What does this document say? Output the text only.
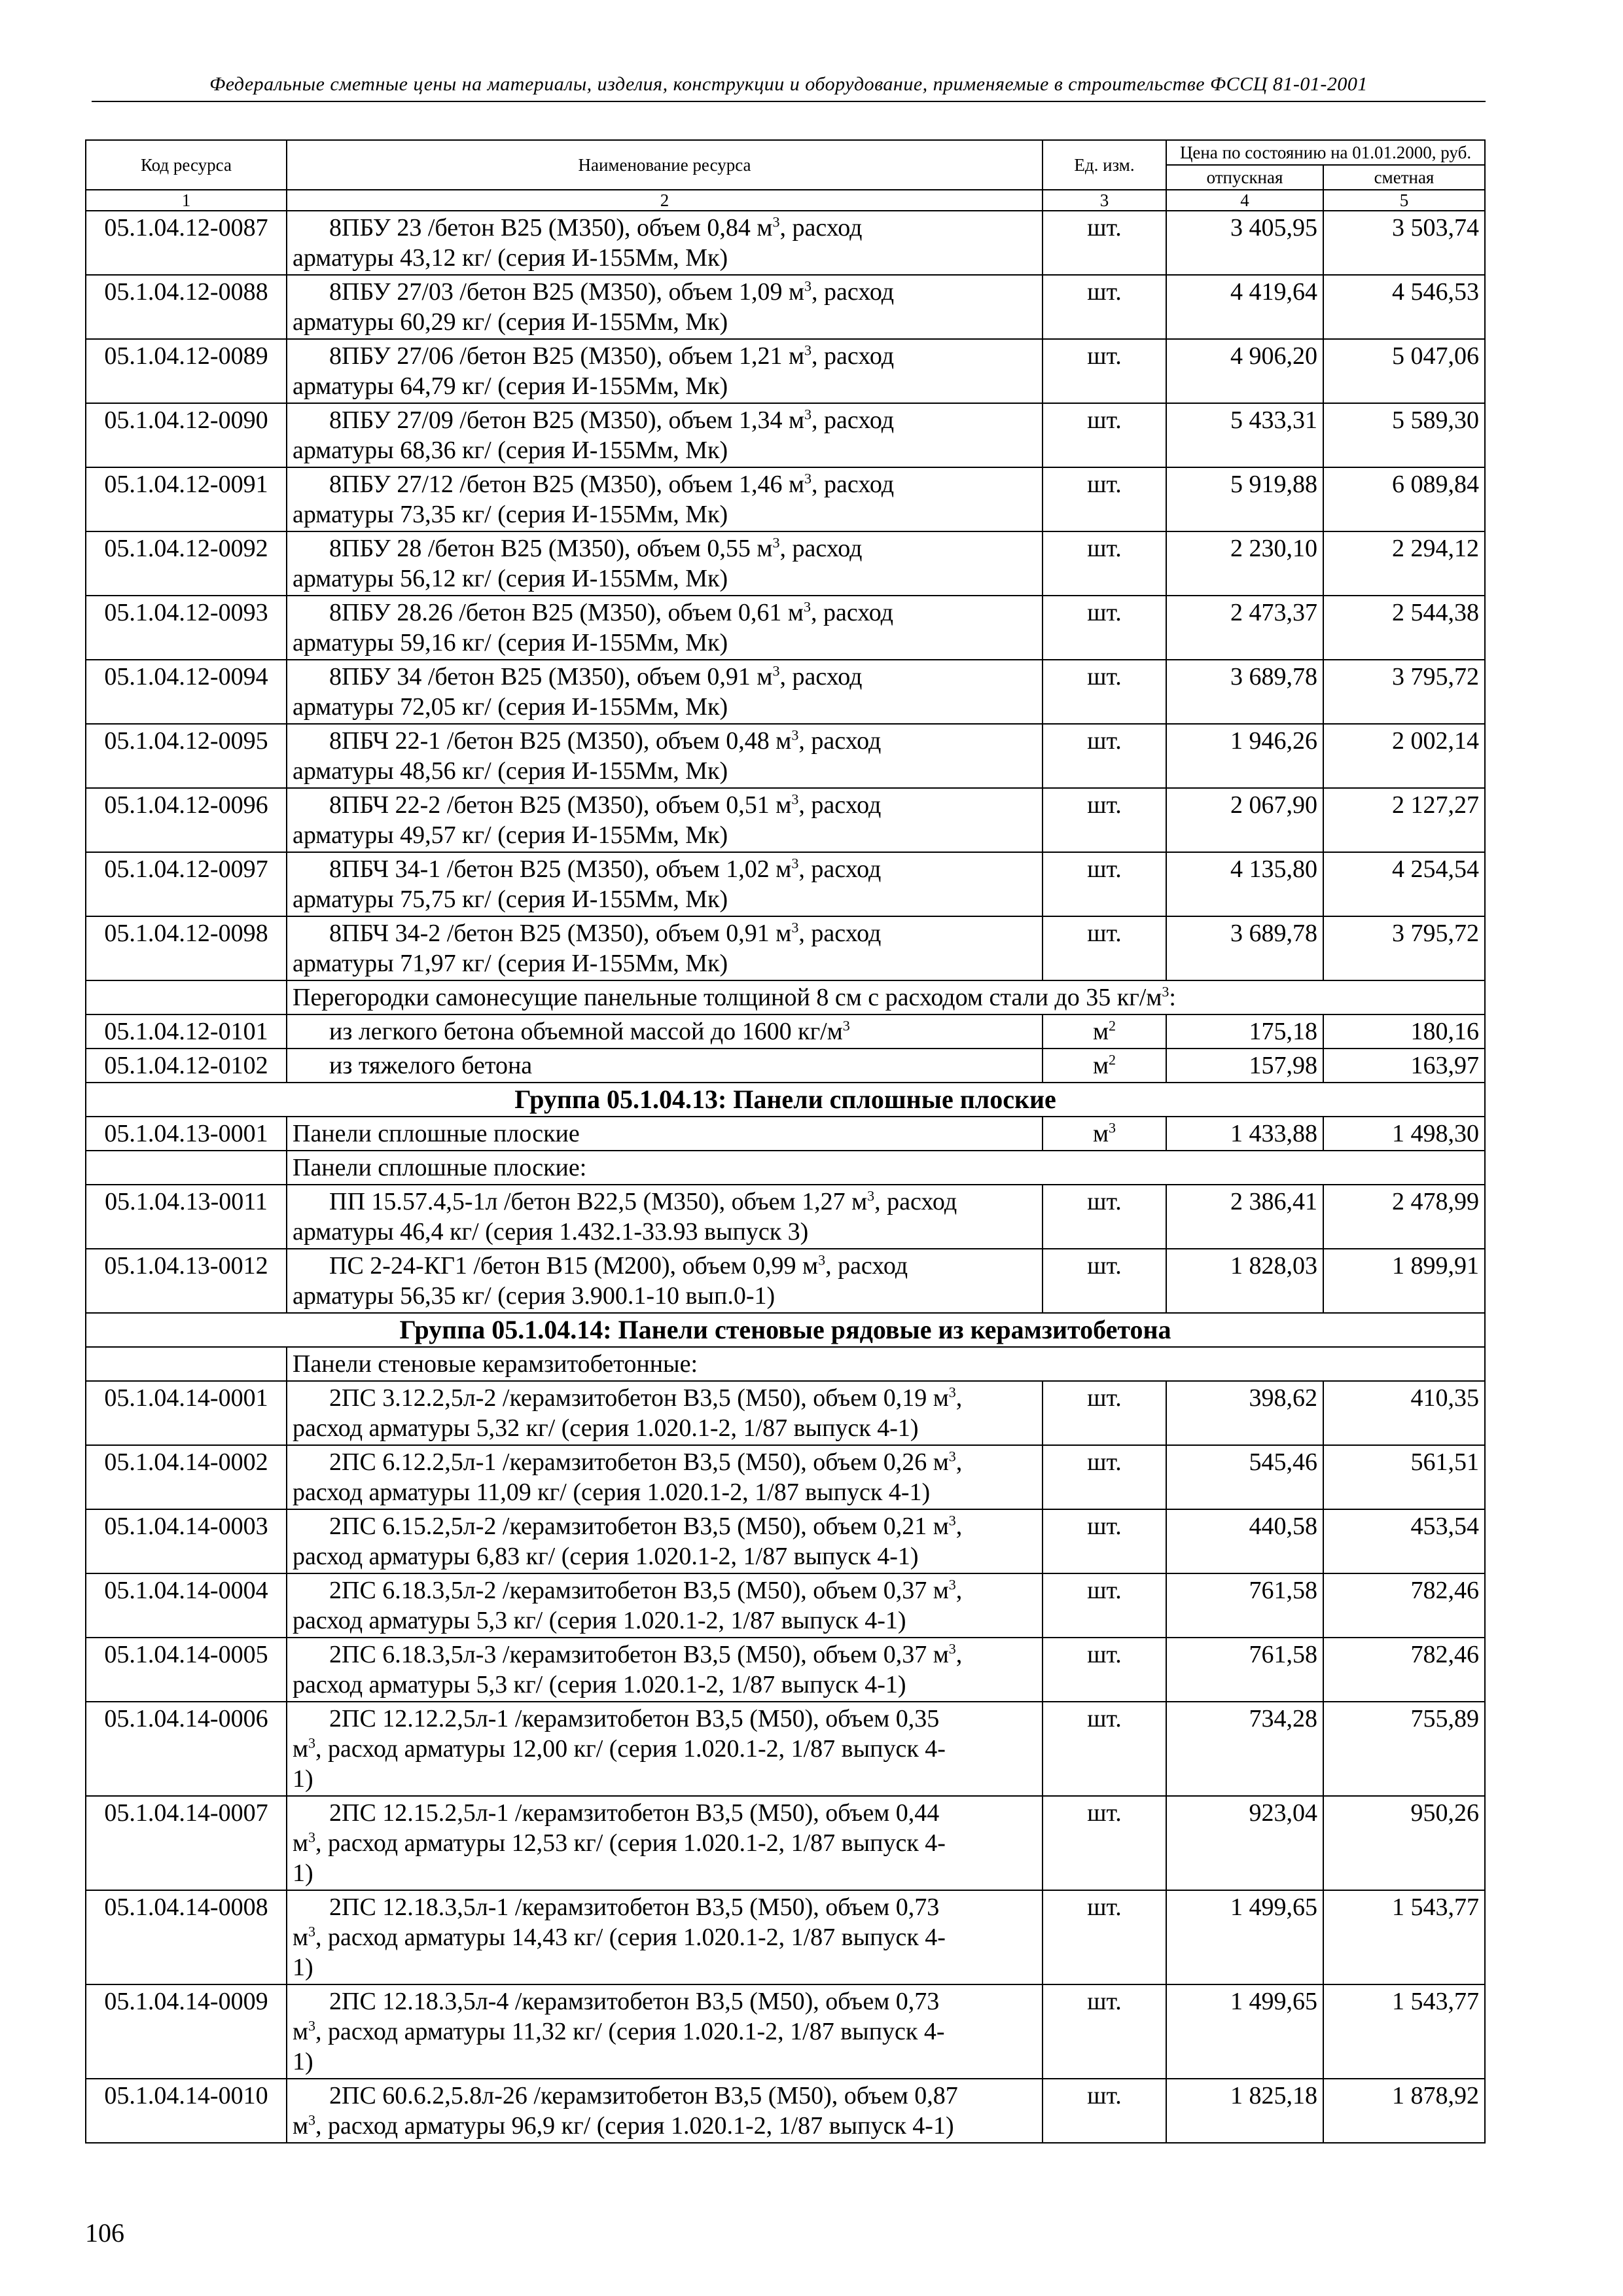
Федеральные сметные цены на материалы, изделия, конструкции и оборудование, применяемые в строительстве ФССЦ 81-01-2001
Код ресурса	Наименование ресурса	Ед. изм.	Цена по состоянию на 01.01.2000, руб.	
			отпускная	сметная
1	2	3	4	5
05.1.04.12-0087	8ПБУ 23 /бетон В25 (М350), объем 0,84 $м^3$, расход
арматуры 43,12 кг/ (серия И-155Мм, Мк)	шт.	3 405,95	3 503,74
05.1.04.12-0088	8ПБУ 27/03 /бетон В25 (М350), объем 1,09 $м^3$, расход
арматуры 60,29 кг/ (серия И-155Мм, Мк)	шт.	4 419,64	4 546,53
05.1.04.12-0089	8ПБУ 27/06 /бетон В25 (М350), объем 1,21 $м^3$, расход
арматуры 64,79 кг/ (серия И-155Мм, Мк)	шт.	4 906,20	5 047,06
05.1.04.12-0090	8ПБУ 27/09 /бетон В25 (М350), объем 1,34 $м^3$, расход
арматуры 68,36 кг/ (серия И-155Мм, Мк)	шт.	5 433,31	5 589,30
05.1.04.12-0091	8ПБУ 27/12 /бетон В25 (М350), объем 1,46 $м^3$, расход
арматуры 73,35 кг/ (серия И-155Мм, Мк)	шт.	5 919,88	6 089,84
05.1.04.12-0092	8ПБУ 28 /бетон В25 (М350), объем 0,55 $м^3$, расход
арматуры 56,12 кг/ (серия И-155Мм, Мк)	шт.	2 230,10	2 294,12
05.1.04.12-0093	8ПБУ 28.26 /бетон В25 (М350), объем 0,61 $м^3$, расход
арматуры 59,16 кг/ (серия И-155Мм, Мк)	шт.	2 473,37	2 544,38
05.1.04.12-0094	8ПБУ 34 /бетон В25 (М350), объем 0,91 $м^3$, расход
арматуры 72,05 кг/ (серия И-155Мм, Мк)	шт.	3 689,78	3 795,72
05.1.04.12-0095	8ПБЧ 22-1 /бетон В25 (М350), объем 0,48 $м^3$, расход
арматуры 48,56 кг/ (серия И-155Мм, Мк)	шт.	1 946,26	2 002,14
05.1.04.12-0096	8ПБЧ 22-2 /бетон В25 (М350), объем 0,51 $м^3$, расход
арматуры 49,57 кг/ (серия И-155Мм, Мк)	шт.	2 067,90	2 127,27
05.1.04.12-0097	8ПБЧ 34-1 /бетон В25 (М350), объем 1,02 $м^3$, расход
арматуры 75,75 кг/ (серия И-155Мм, Мк)	шт.	4 135,80	4 254,54
05.1.04.12-0098	8ПБЧ 34-2 /бетон В25 (М350), объем 0,91 $м^3$, расход
арматуры 71,97 кг/ (серия И-155Мм, Мк)	шт.	3 689,78	3 795,72
	Перегородки самонесущие панельные толщиной 8 см с расходом стали до 35 $кг/м^3$:			
05.1.04.12-0101	из легкого бетона объемной массой до 1600 $кг/м^3$	$м^2$	175,18	180,16
05.1.04.12-0102	из тяжелого бетона	$м^2$	157,98	163,97
Группа 05.1.04.13: Панели сплошные плоские				
05.1.04.13-0001	Панели сплошные плоские	$м^3$	1 433,88	1 498,30
	Панели сплошные плоские:			
05.1.04.13-0011	ПП 15.57.4,5-1л /бетон В22,5 (М350), объем 1,27 $м^3$, расход
арматуры 46,4 кг/ (серия 1.432.1-33.93 выпуск 3)	шт.	2 386,41	2 478,99
05.1.04.13-0012	ПС 2-24-КГ1 /бетон В15 (М200), объем 0,99 $м^3$, расход
арматуры 56,35 кг/ (серия 3.900.1-10 вып.0-1)	шт.	1 828,03	1 899,91
Группа 05.1.04.14: Панели стеновые рядовые из керамзитобетона				
	Панели стеновые керамзитобетонные:			
05.1.04.14-0001	2ПС 3.12.2,5л-2 /керамзитобетон В3,5 (М50), объем 0,19 $м^3$,
расход арматуры 5,32 кг/ (серия 1.020.1-2, 1/87 выпуск 4-1)	шт.	398,62	410,35
05.1.04.14-0002	2ПС 6.12.2,5л-1 /керамзитобетон В3,5 (М50), объем 0,26 $м^3$,
расход арматуры 11,09 кг/ (серия 1.020.1-2, 1/87 выпуск 4-1)	шт.	545,46	561,51
05.1.04.14-0003	2ПС 6.15.2,5л-2 /керамзитобетон В3,5 (М50), объем 0,21 $м^3$,
расход арматуры 6,83 кг/ (серия 1.020.1-2, 1/87 выпуск 4-1)	шт.	440,58	453,54
05.1.04.14-0004	2ПС 6.18.3,5л-2 /керамзитобетон В3,5 (М50), объем 0,37 $м^3$,
расход арматуры 5,3 кг/ (серия 1.020.1-2, 1/87 выпуск 4-1)	шт.	761,58	782,46
05.1.04.14-0005	2ПС 6.18.3,5л-3 /керамзитобетон В3,5 (М50), объем 0,37 $м^3$,
расход арматуры 5,3 кг/ (серия 1.020.1-2, 1/87 выпуск 4-1)	шт.	761,58	782,46
05.1.04.14-0006	2ПС 12.12.2,5л-1 /керамзитобетон В3,5 (М50), объем 0,35
$м^3$, расход арматуры 12,00 кг/ (серия 1.020.1-2, 1/87 выпуск 4-
1)	шт.	734,28	755,89
05.1.04.14-0007	2ПС 12.15.2,5л-1 /керамзитобетон В3,5 (М50), объем 0,44
$м^3$, расход арматуры 12,53 кг/ (серия 1.020.1-2, 1/87 выпуск 4-
1)	шт.	923,04	950,26
05.1.04.14-0008	2ПС 12.18.3,5л-1 /керамзитобетон В3,5 (М50), объем 0,73
$м^3$, расход арматуры 14,43 кг/ (серия 1.020.1-2, 1/87 выпуск 4-
1)	шт.	1 499,65	1 543,77
05.1.04.14-0009	2ПС 12.18.3,5л-4 /керамзитобетон В3,5 (М50), объем 0,73
$м^3$, расход арматуры 11,32 кг/ (серия 1.020.1-2, 1/87 выпуск 4-
1)	шт.	1 499,65	1 543,77
05.1.04.14-0010	2ПС 60.6.2,5.8л-26 /керамзитобетон В3,5 (М50), объем 0,87
$м^3$, расход арматуры 96,9 кг/ (серия 1.020.1-2, 1/87 выпуск 4-1)	шт.	1 825,18	1 878,92
106
